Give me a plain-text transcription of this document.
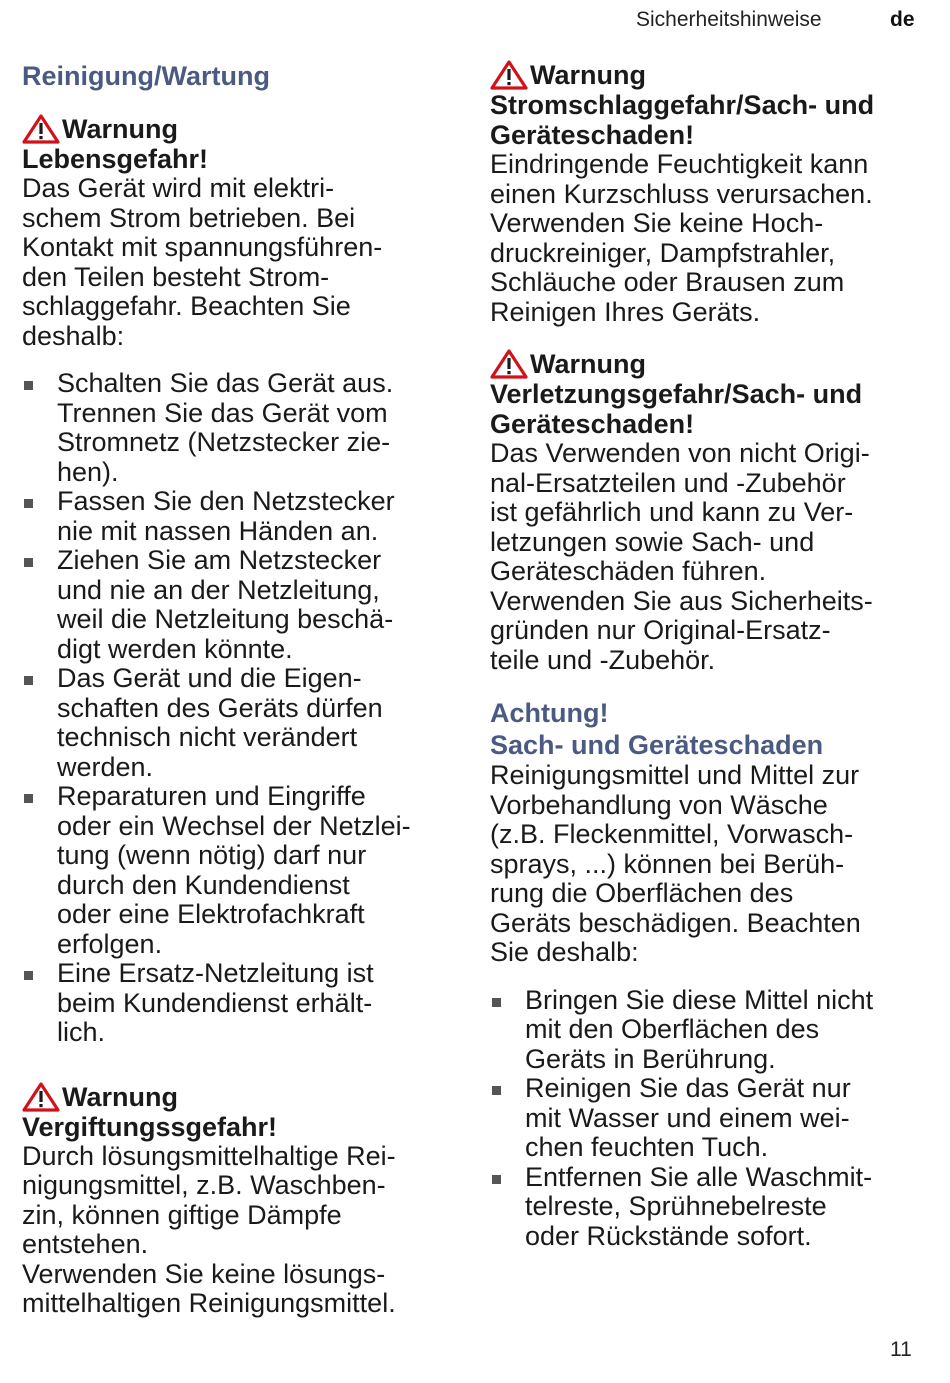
Sicherheitshinweise	de
Reinigung/Wartung
Warnung
Lebensgefahr!
Das Gerät wird mit elektri-
schem Strom betrieben. Bei
Kontakt mit spannungsführen-
den Teilen besteht Strom-
schlaggefahr. Beachten Sie
deshalb:
Schalten Sie das Gerät aus.
Trennen Sie das Gerät vom
Stromnetz (Netzstecker zie-
hen).
Fassen Sie den Netzstecker
nie mit nassen Händen an.
Ziehen Sie am Netzstecker
und nie an der Netzleitung,
weil die Netzleitung beschä-
digt werden könnte.
Das Gerät und die Eigen-
schaften des Geräts dürfen
technisch nicht verändert
werden.
Reparaturen und Eingriffe
oder ein Wechsel der Netzlei-
tung (wenn nötig) darf nur
durch den Kundendienst
oder eine Elektrofachkraft
erfolgen.
Eine Ersatz-Netzleitung ist
beim Kundendienst erhält-
lich.
Warnung
Vergiftungssgefahr!
Durch lösungsmittelhaltige Rei-
nigungsmittel, z.B. Waschben-
zin, können giftige Dämpfe
entstehen.
Verwenden Sie keine lösungs-
mittelhaltigen Reinigungsmittel.
Warnung
Stromschlaggefahr/Sach- und
Geräteschaden!
Eindringende Feuchtigkeit kann
einen Kurzschluss verursachen.
Verwenden Sie keine Hoch-
druckreiniger, Dampfstrahler,
Schläuche oder Brausen zum
Reinigen Ihres Geräts.
Warnung
Verletzungsgefahr/Sach- und
Geräteschaden!
Das Verwenden von nicht Origi-
nal-Ersatzteilen und -Zubehör
ist gefährlich und kann zu Ver-
letzungen sowie Sach- und
Geräteschäden führen.
Verwenden Sie aus Sicherheits-
gründen nur Original-Ersatz-
teile und -Zubehör.
Achtung!
Sach- und Geräteschaden
Reinigungsmittel und Mittel zur
Vorbehandlung von Wäsche
(z.B. Fleckenmittel, Vorwasch-
sprays, ...) können bei Berüh-
rung die Oberflächen des
Geräts beschädigen. Beachten
Sie deshalb:
Bringen Sie diese Mittel nicht
mit den Oberflächen des
Geräts in Berührung.
Reinigen Sie das Gerät nur
mit Wasser und einem wei-
chen feuchten Tuch.
Entfernen Sie alle Waschmit-
telreste, Sprühnebelreste
oder Rückstände sofort.
11
